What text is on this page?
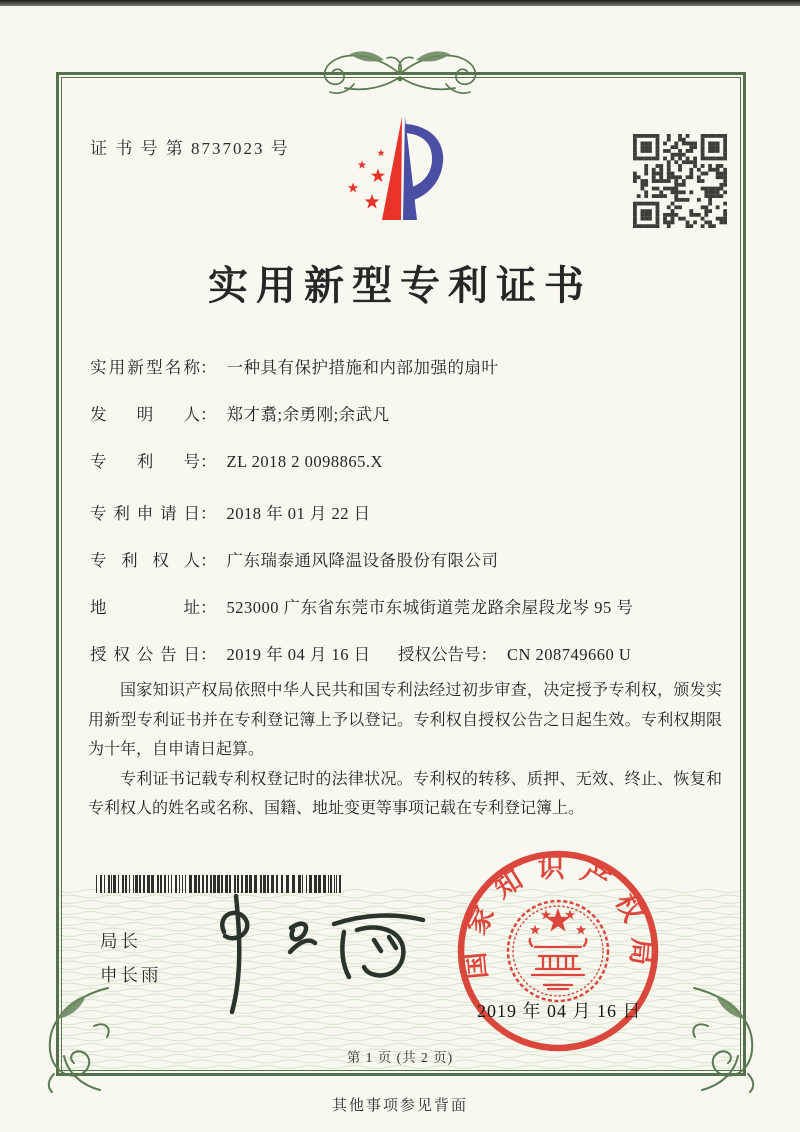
证 书 号 第 8737023 号
实用新型专利证书
实用新型名称： 一种具有保护措施和内部加强的扇叶
发明人： 郑才翥;余勇刚;余武凡
专利号： ZL 2018 2 0098865.X
专利申请日： 2018 年 01 月 22 日
专利权人： 广东瑞泰通风降温设备股份有限公司
地址： 523000 广东省东莞市东城街道莞龙路余屋段龙岑 95 号
授权公告日： 2019 年 04 月 16 日 授权公告号： CN 208749660 U

国家知识产权局依照中华人民共和国专利法经过初步审查，决定授予专利权，颁发实用新型专利证书并在专利登记簿上予以登记。专利权自授权公告之日起生效。专利权期限为十年，自申请日起算。

专利证书记载专利权登记时的法律状况。专利权的转移、质押、无效、终止、恢复和专利权人的姓名或名称、国籍、地址变更等事项记载在专利登记簿上。

局长
申长雨	国家知识产权局
2019 年 04 月 16 日
第 1 页 (共 2 页)
其他事项参见背面
